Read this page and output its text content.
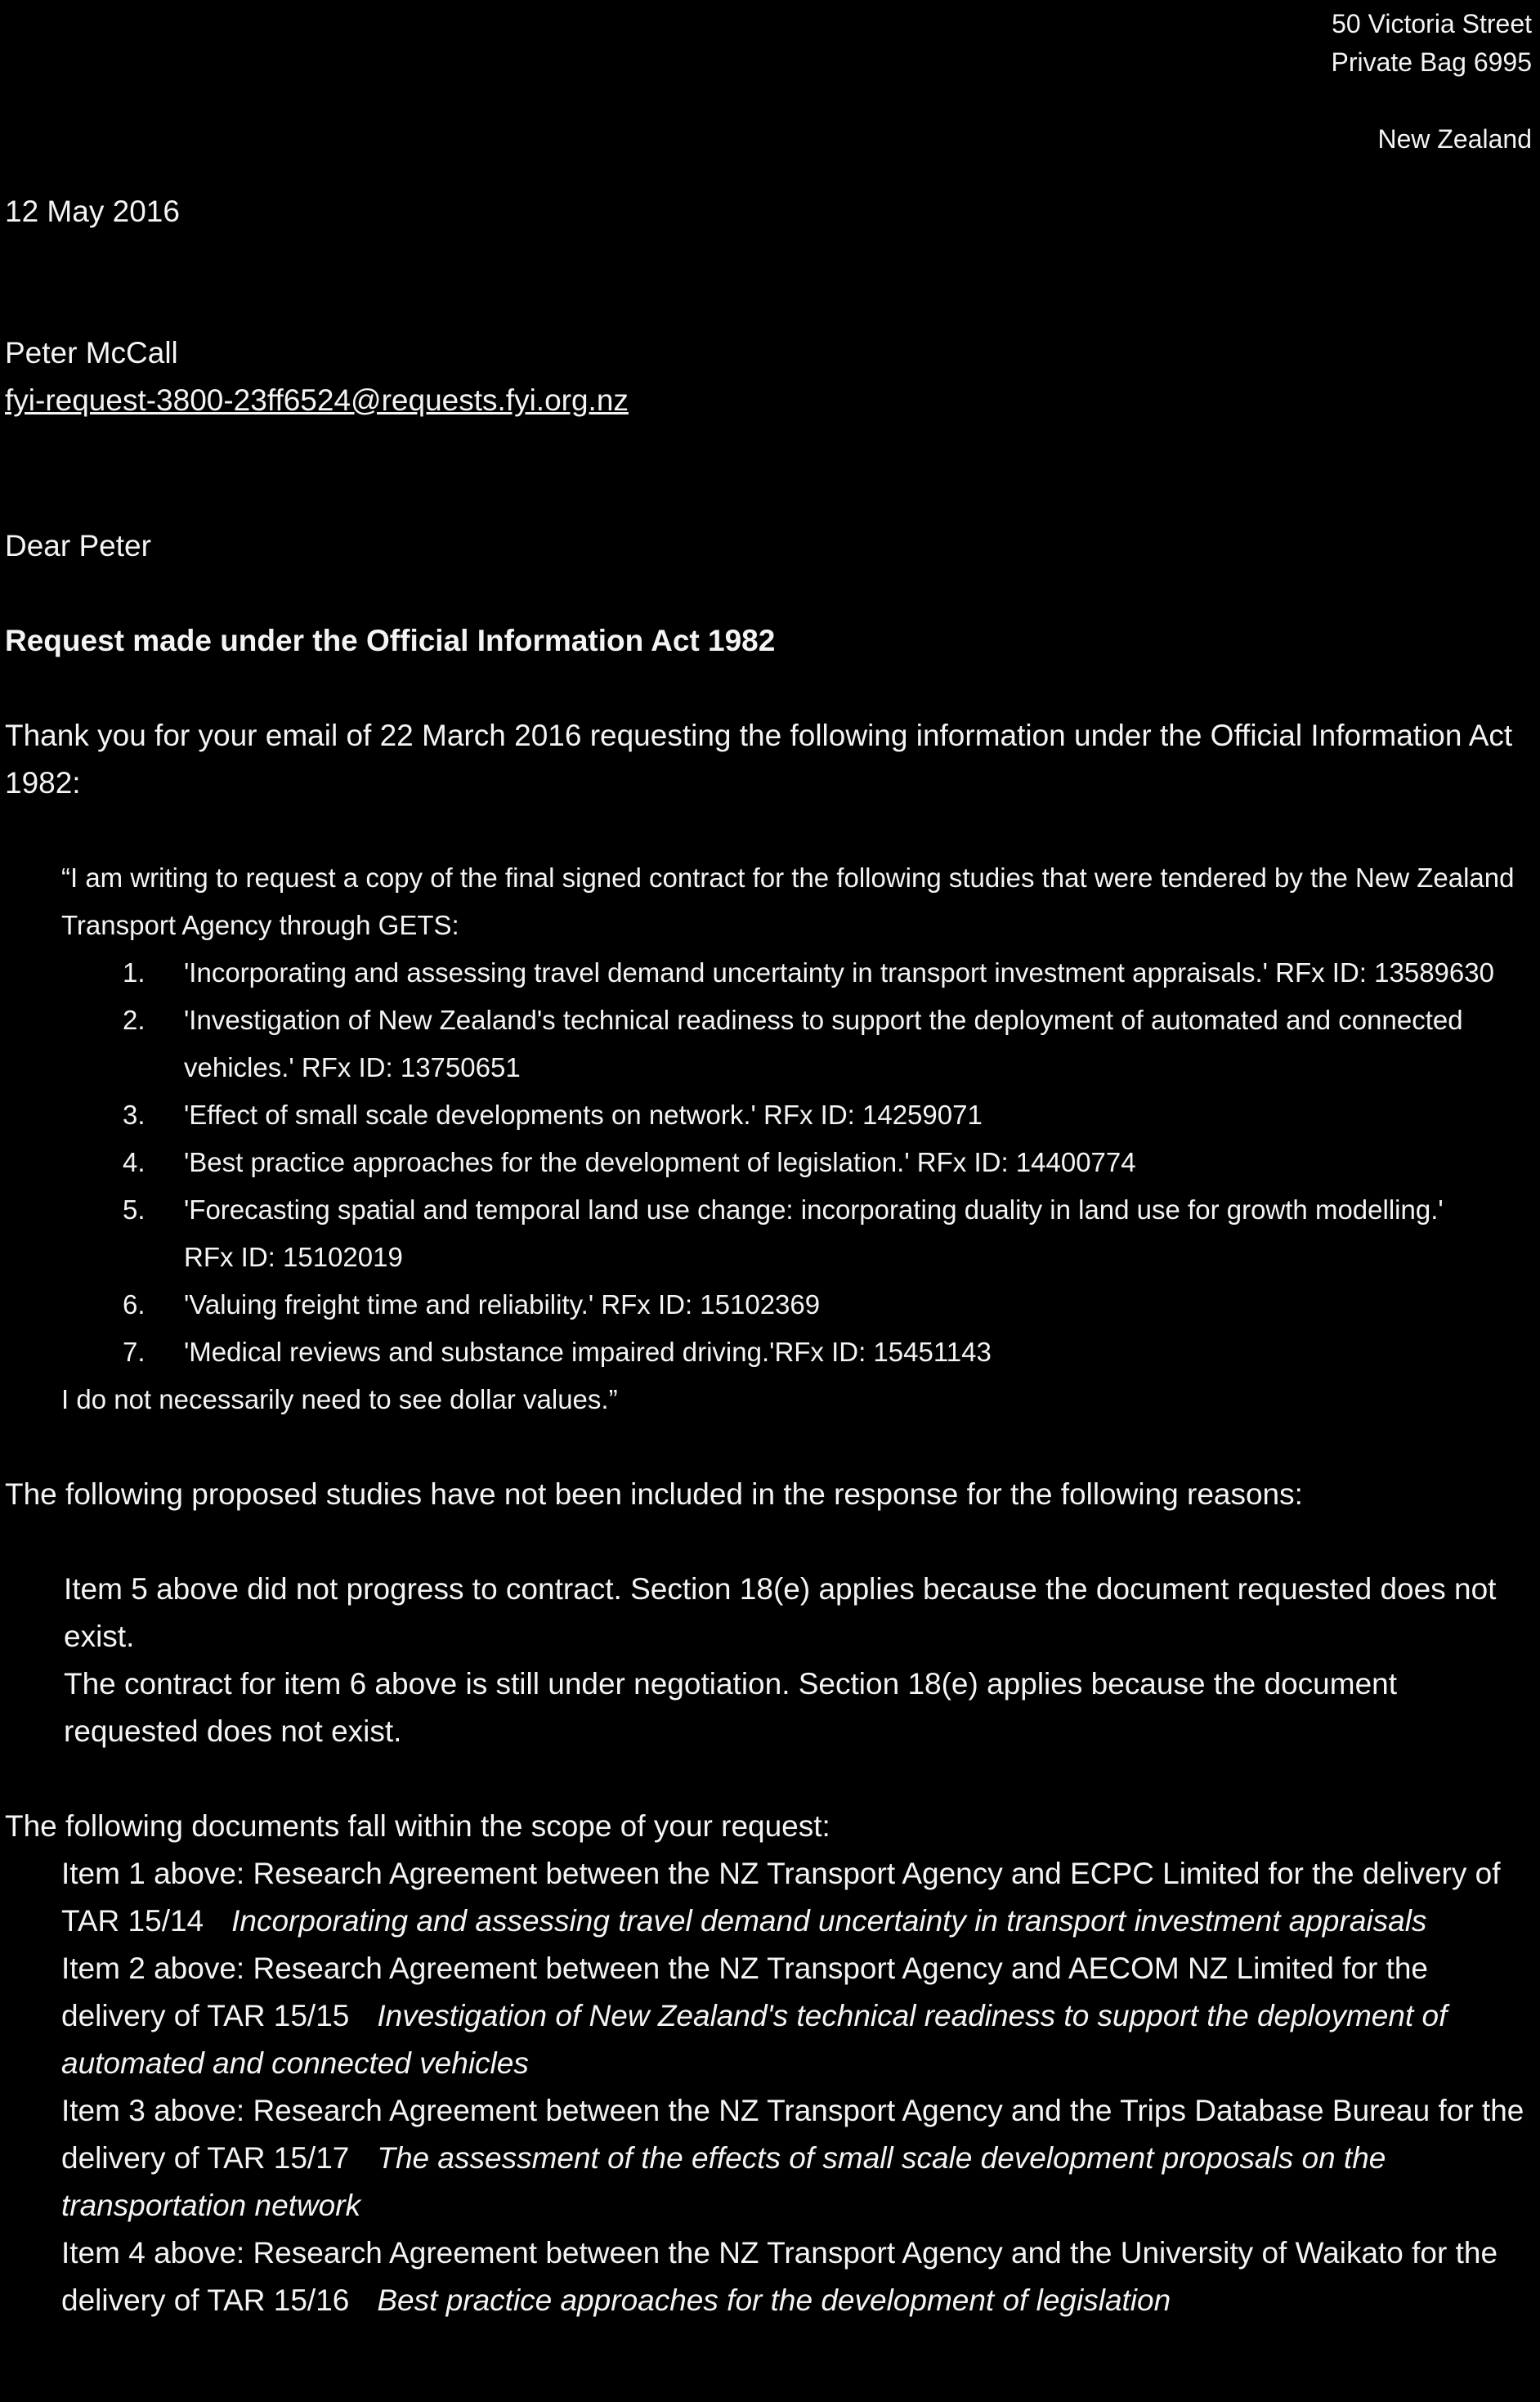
50 Victoria Street
Private Bag 6995
New Zealand
12 May 2016
Peter McCall
fyi-request-3800-23ff6524@requests.fyi.org.nz
Dear Peter
Request made under the Official Information Act 1982
Thank you for your email of 22 March 2016 requesting the following information under the Official Information Act 1982:
“I am writing to request a copy of the final signed contract for the following studies that were tendered by the New Zealand Transport Agency through GETS:
1.	'Incorporating and assessing travel demand uncertainty in transport investment appraisals.' RFx ID: 13589630
2.	'Investigation of New Zealand's technical readiness to support the deployment of automated and connected vehicles.' RFx ID: 13750651
3.	'Effect of small scale developments on network.' RFx ID: 14259071
4.	'Best practice approaches for the development of legislation.' RFx ID: 14400774
5.	'Forecasting spatial and temporal land use change: incorporating duality in land use for growth modelling.' RFx ID: 15102019
6.	'Valuing freight time and reliability.' RFx ID: 15102369
7.	'Medical reviews and substance impaired driving.'RFx ID: 15451143
I do not necessarily need to see dollar values.”
The following proposed studies have not been included in the response for the following reasons:
Item 5 above did not progress to contract. Section 18(e) applies because the document requested does not exist.
The contract for item 6 above is still under negotiation. Section 18(e) applies because the document requested does not exist.
The following documents fall within the scope of your request:
Item 1 above: Research Agreement between the NZ Transport Agency and ECPC Limited for the delivery of TAR 15/14 Incorporating and assessing travel demand uncertainty in transport investment appraisals
Item 2 above: Research Agreement between the NZ Transport Agency and AECOM NZ Limited for the delivery of TAR 15/15 Investigation of New Zealand's technical readiness to support the deployment of automated and connected vehicles
Item 3 above: Research Agreement between the NZ Transport Agency and the Trips Database Bureau for the delivery of TAR 15/17 The assessment of the effects of small scale development proposals on the transportation network
Item 4 above: Research Agreement between the NZ Transport Agency and the University of Waikato for the delivery of TAR 15/16 Best practice approaches for the development of legislation
